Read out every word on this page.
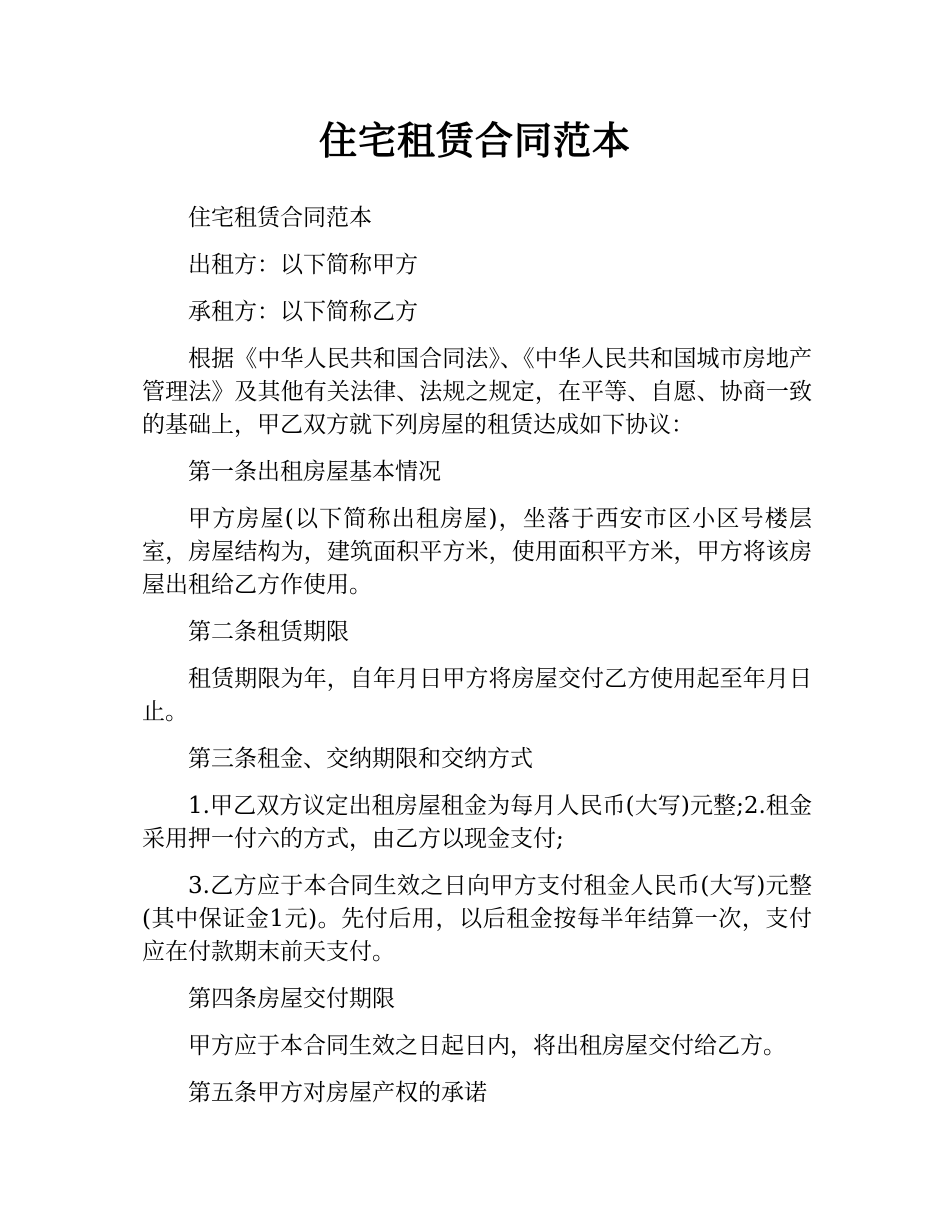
住宅租赁合同范本

住宅租赁合同范本

出租方：以下简称甲方

承租方：以下简称乙方

根据《中华人民共和国合同法》、《中华人民共和国城市房地产管理法》及其他有关法律、法规之规定，在平等、自愿、协商一致的基础上，甲乙双方就下列房屋的租赁达成如下协议：

第一条出租房屋基本情况

甲方房屋(以下简称出租房屋)，坐落于西安市区小区号楼层室，房屋结构为，建筑面积平方米，使用面积平方米，甲方将该房屋出租给乙方作使用。

第二条租赁期限

租赁期限为年，自年月日甲方将房屋交付乙方使用起至年月日止。

第三条租金、交纳期限和交纳方式

1.甲乙双方议定出租房屋租金为每月人民币(大写)元整;2.租金采用押一付六的方式，由乙方以现金支付;

3.乙方应于本合同生效之日向甲方支付租金人民币(大写)元整(其中保证金1元)。先付后用，以后租金按每半年结算一次，支付应在付款期末前天支付。

第四条房屋交付期限

甲方应于本合同生效之日起日内，将出租房屋交付给乙方。

第五条甲方对房屋产权的承诺
